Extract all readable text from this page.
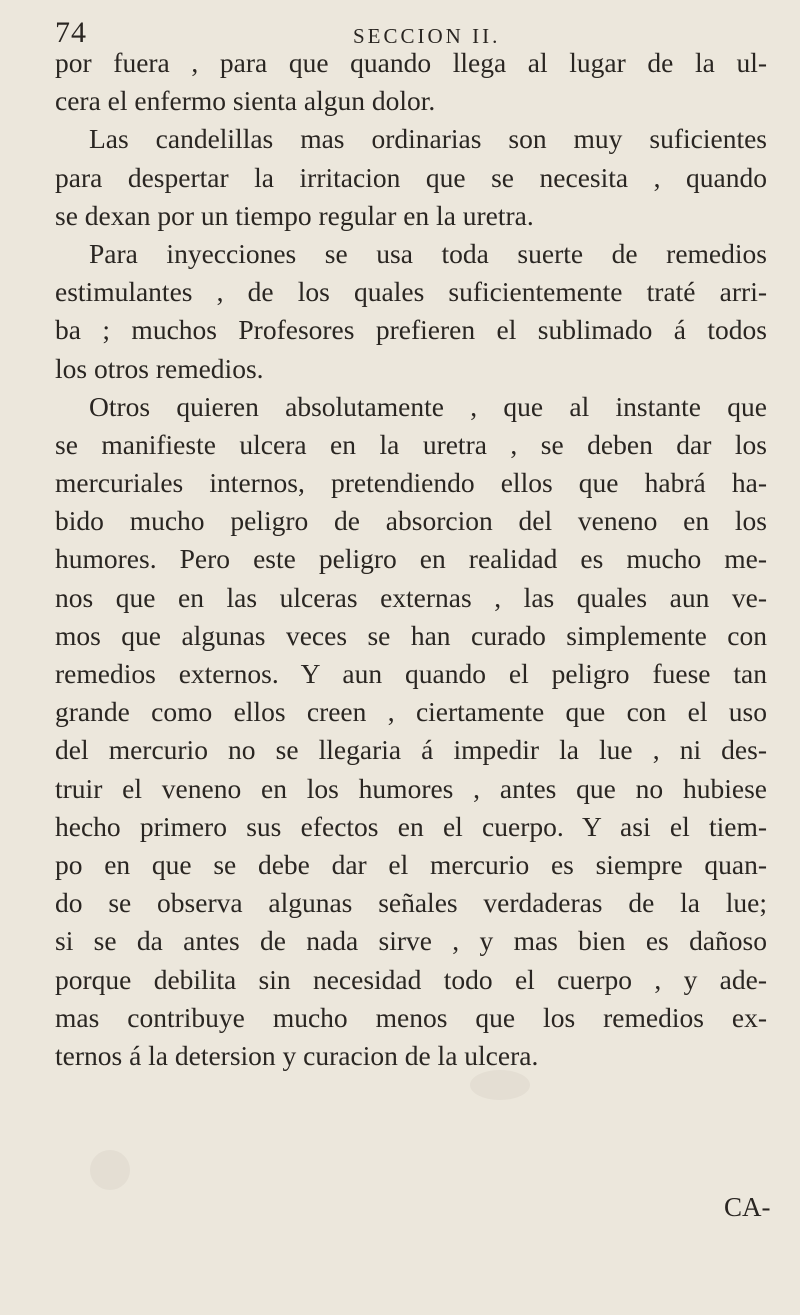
74	SECCION II.
por fuera , para que quando llega al lugar de la ul-
cera el enfermo sienta algun dolor.
Las candelillas mas ordinarias son muy suficientes
para despertar la irritacion que se necesita , quando
se dexan por un tiempo regular en la uretra.
Para inyecciones se usa toda suerte de remedios
estimulantes , de los quales suficientemente traté arri-
ba ; muchos Profesores prefieren el sublimado á todos
los otros remedios.
Otros quieren absolutamente , que al instante que
se manifieste ulcera en la uretra , se deben dar los
mercuriales internos, pretendiendo ellos que habrá ha-
bido mucho peligro de absorcion del veneno en los
humores. Pero este peligro en realidad es mucho me-
nos que en las ulceras externas , las quales aun ve-
mos que algunas veces se han curado simplemente con
remedios externos. Y aun quando el peligro fuese tan
grande como ellos creen , ciertamente que con el uso
del mercurio no se llegaria á impedir la lue , ni des-
truir el veneno en los humores , antes que no hubiese
hecho primero sus efectos en el cuerpo. Y asi el tiem-
po en que se debe dar el mercurio es siempre quan-
do se observa algunas señales verdaderas de la lue;
si se da antes de nada sirve , y mas bien es dañoso
porque debilita sin necesidad todo el cuerpo , y ade-
mas contribuye mucho menos que los remedios ex-
ternos á la detersion y curacion de la ulcera.
CA-
